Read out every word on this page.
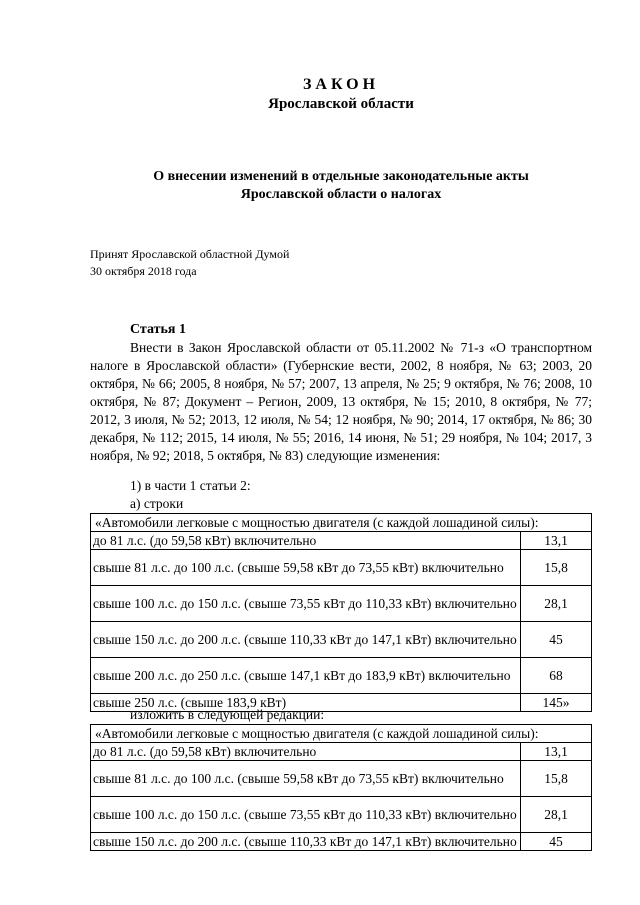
ЗАКОН
Ярославской области
О внесении изменений в отдельные законодательные акты
Ярославской области о налогах
Принят Ярославской областной Думой
30 октября 2018 года
Статья 1

Внести в Закон Ярославской области от 05.11.2002 № 71-з «О транспортном налоге в Ярославской области» (Губернские вести, 2002, 8 ноября, № 63; 2003, 20 октября, № 66; 2005, 8 ноября, № 57; 2007, 13 апреля, № 25; 9 октября, № 76; 2008, 10 октября, № 87; Документ – Регион, 2009, 13 октября, № 15; 2010, 8 октября, № 77; 2012, 3 июля, № 52; 2013, 12 июля, № 54; 12 ноября, № 90; 2014, 17 октября, № 86; 30 декабря, № 112; 2015, 14 июля, № 55; 2016, 14 июня, № 51; 29 ноября, № 104; 2017, 3 ноября, № 92; 2018, 5 октября, № 83) следующие изменения:

1) в части 1 статьи 2:
а) строки
«Автомобили легковые с мощностью двигателя (с каждой лошадиной силы):	
до 81 л.с. (до 59,58 кВт) включительно	13,1
свыше 81 л.с. до 100 л.с. (свыше 59,58 кВт до 73,55 кВт) включительно	15,8
свыше 100 л.с. до 150 л.с. (свыше 73,55 кВт до 110,33 кВт) включительно	28,1
свыше 150 л.с. до 200 л.с. (свыше 110,33 кВт до 147,1 кВт) включительно	45
свыше 200 л.с. до 250 л.с. (свыше 147,1 кВт до 183,9 кВт) включительно	68
свыше 250 л.с. (свыше 183,9 кВт)	145»
изложить в следующей редакции:
«Автомобили легковые с мощностью двигателя (с каждой лошадиной силы):	
до 81 л.с. (до 59,58 кВт) включительно	13,1
свыше 81 л.с. до 100 л.с. (свыше 59,58 кВт до 73,55 кВт) включительно	15,8
свыше 100 л.с. до 150 л.с. (свыше 73,55 кВт до 110,33 кВт) включительно	28,1
свыше 150 л.с. до 200 л.с. (свыше 110,33 кВт до 147,1 кВт) включительно	45
